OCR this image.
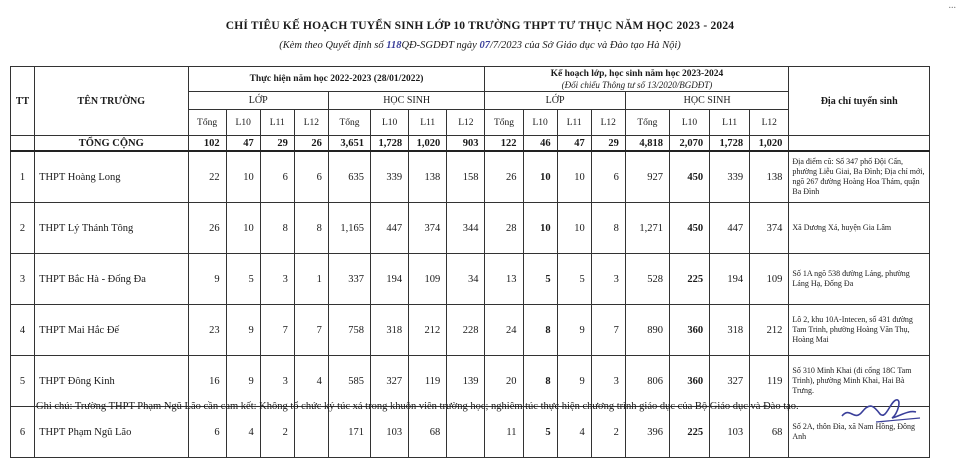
...
CHỈ TIÊU KẾ HOẠCH TUYỂN SINH LỚP 10 TRƯỜNG THPT TƯ THỤC NĂM HỌC 2023 - 2024
(Kèm theo Quyết định số 118QĐ-SGDĐT ngày 07/7/2023 của Sở Giáo dục và Đào tạo Hà Nội)
TT	TÊN TRƯỜNG	Thực hiện năm học 2022-2023 (28/01/2022)								Kế hoạch lớp, học sinh năm học 2023-2024
(Đối chiếu Thông tư số 13/2020/BGDĐT)								Địa chỉ tuyển sinh
		LỚP				HỌC SINH				LỚP				HỌC SINH				
		Tổng	L10	L11	L12	Tổng	L10	L11	L12	Tổng	L10	L11	L12	Tổng	L10	L11	L12	
	TỔNG CỘNG	102	47	29	26	3,651	1,728	1,020	903	122	46	47	29	4,818	2,070	1,728	1,020	
1	THPT Hoàng Long	22	10	6	6	635	339	138	158	26	10	10	6	927	450	339	138	Địa điểm cũ: Số 347 phố Đội Cấn, phường Liễu Giai, Ba Đình; Địa chỉ mới, ngõ 267 đường Hoàng Hoa Thám, quận Ba Đình
2	THPT Lý Thánh Tông	26	10	8	8	1,165	447	374	344	28	10	10	8	1,271	450	447	374	Xã Dương Xá, huyện Gia Lâm
3	THPT Bắc Hà - Đống Đa	9	5	3	1	337	194	109	34	13	5	5	3	528	225	194	109	Số 1A ngõ 538 đường Láng, phường Láng Hạ, Đống Đa
4	THPT Mai Hắc Đế	23	9	7	7	758	318	212	228	24	8	9	7	890	360	318	212	Lô 2, khu 10A-Intecen, số 431 đường Tam Trinh, phường Hoàng Văn Thụ, Hoàng Mai
5	THPT Đông Kinh	16	9	3	4	585	327	119	139	20	8	9	3	806	360	327	119	Số 310 Minh Khai (đi cổng 18C Tam Trinh), phường Minh Khai, Hai Bà Trưng.
6	THPT Phạm Ngũ Lão	6	4	2		171	103	68		11	5	4	2	396	225	103	68	Số 2A, thôn Đìa, xã Nam Hồng, Đông Anh
Ghi chú: Trường THPT Phạm Ngũ Lão cần cam kết: Không tổ chức ký túc xá trong khuôn viên trường học; nghiêm túc thực hiện chương trình giáo dục của Bộ Giáo dục và Đào tạo.
